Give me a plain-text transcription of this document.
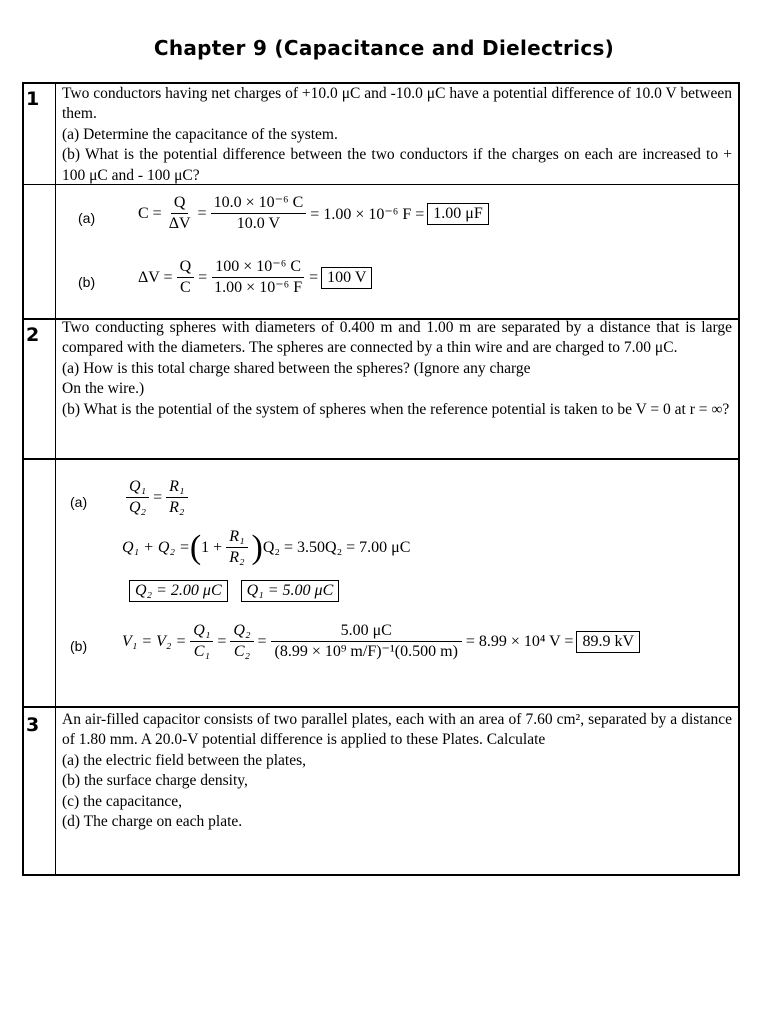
Chapter 9 (Capacitance and Dielectrics)
1	Two conductors having net charges of +10.0 μC and -10.0 μC have a potential difference of 10.0 V between them.

(a) Determine the capacitance of the system.

(b) What is the potential difference between the two conductors if the charges on each are increased to + 100 μC and - 100 μC?

(a)	$C = \frac{Q}{\Delta V} = \frac{\text{10.0 × 10⁻⁶ C}}{10.0 V} = 1.00 \times 10^{-6}$ F = 1.00 μF
(b)	$\Delta V = \frac{Q}{C} = \frac{\text{100 × 10⁻⁶ C}}{\text{1.00 × 10⁻⁶ F}} = 100$ V
2	Two conducting spheres with diameters of 0.400 m and 1.00 m are separated by a distance that is large compared with the diameters. The spheres are connected by a thin wire and are charged to 7.00 μC.

(a) How is this total charge shared between the spheres? (Ignore any charge

On the wire.)

(b) What is the potential of the system of spheres when the reference potential is taken to be V = 0 at r = ∞?

$(a) \frac{\text{Q₁}}{\text{Q₂}} = \frac{\text{R₁}}{\text{R₂}}$
Q₁ + Q₂ = ( $1 + \frac{\text{R₁}}{\text{R₂}}$ ) Q₂ = 3.50Q₂ = 7.00 μC
Q₂ = 2.00 μC	Q₁ = 5.00 μC
(b) $V_1 = V_2 = \frac{\text{Q₁}}{\text{C₁}} = \frac{\text{Q₂}}{\text{C₂}} = \frac{5.00 \mu C}{\text{(8.99 × 10⁹ m/F)⁻¹(0.500 m)}} = 8.99 \times 10^4$ V = 89.9 kV
3	An air-filled capacitor consists of two parallel plates, each with an area of 7.60 cm², separated by a distance of 1.80 mm. A 20.0-V potential difference is applied to these Plates. Calculate

(a) the electric field between the plates,

(b) the surface charge density,

(c) the capacitance,

(d) The charge on each plate.
